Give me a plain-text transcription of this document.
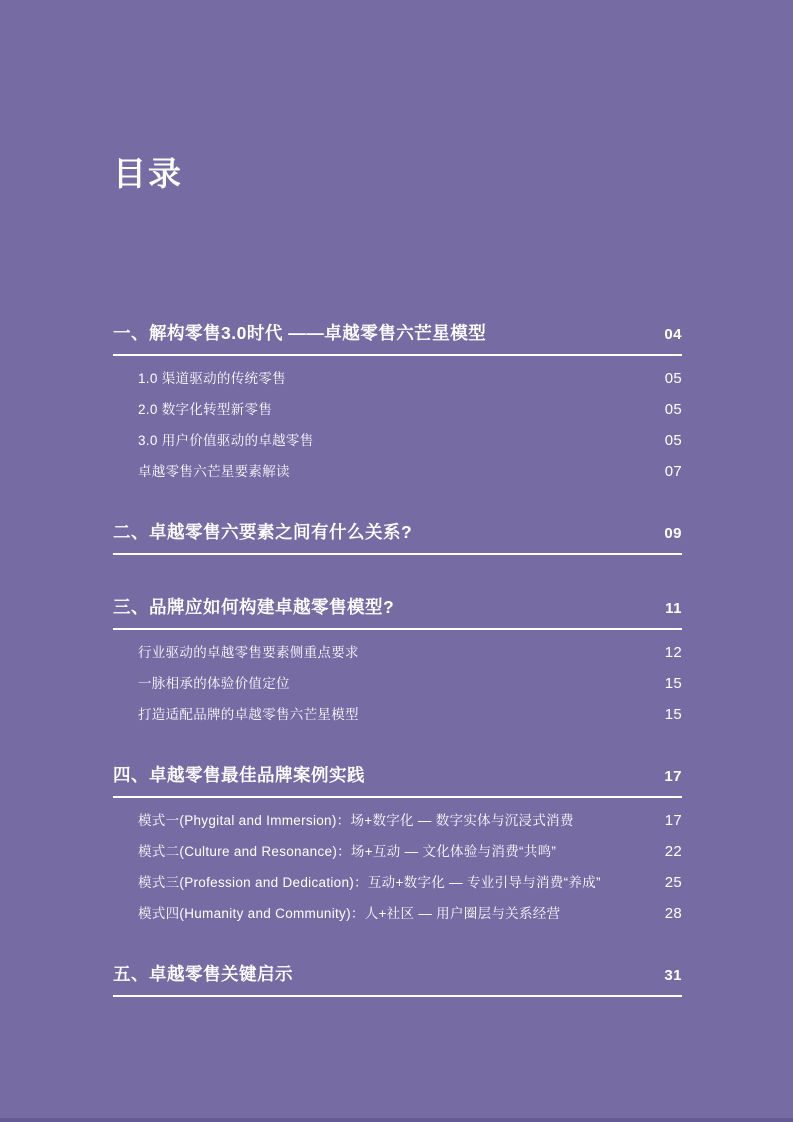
目录
一、解构零售3.0时代 ——卓越零售六芒星模型	04
1.0 渠道驱动的传统零售	05
2.0 数字化转型新零售	05
3.0 用户价值驱动的卓越零售	05
卓越零售六芒星要素解读	07
二、卓越零售六要素之间有什么关系?	09
三、品牌应如何构建卓越零售模型?	11
行业驱动的卓越零售要素侧重点要求	12
一脉相承的体验价值定位	15
打造适配品牌的卓越零售六芒星模型	15
四、卓越零售最佳品牌案例实践	17
模式一(Phygital and Immersion)：场+数字化 — 数字实体与沉浸式消费	17
模式二(Culture and Resonance)：场+互动 — 文化体验与消费“共鸣”	22
模式三(Profession and Dedication)：互动+数字化 — 专业引导与消费“养成”	25
模式四(Humanity and Community)：人+社区 — 用户圈层与关系经营	28
五、卓越零售关键启示	31
